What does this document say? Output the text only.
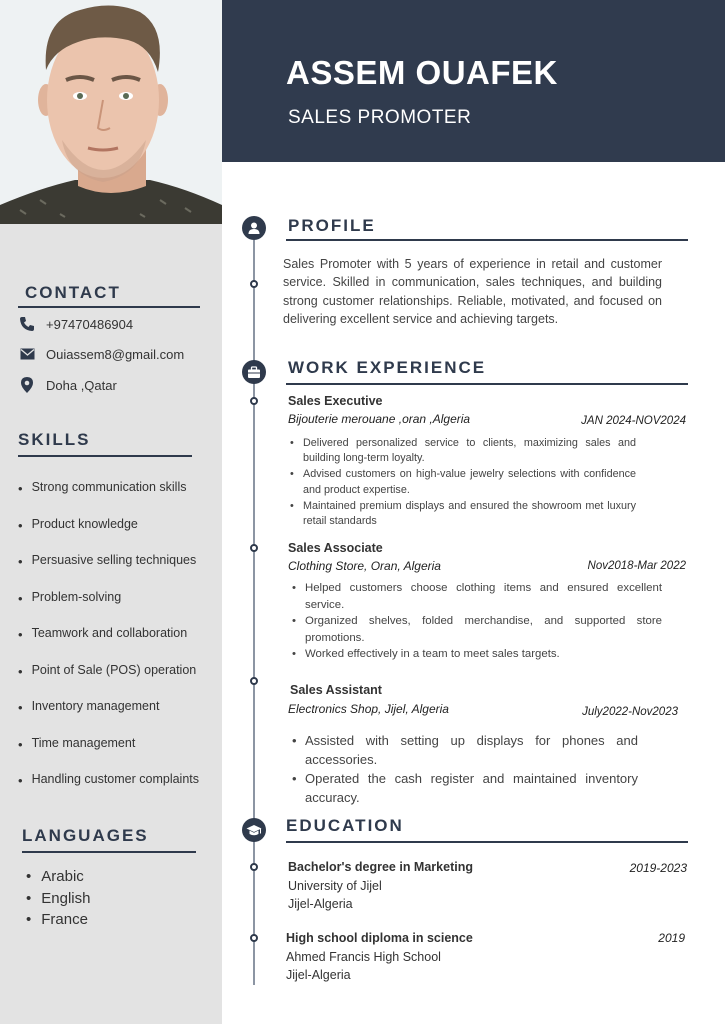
CONTACT
+97470486904
Ouiassem8@gmail.com
Doha ,Qatar
SKILLS
• Strong communication skills
• Product knowledge
• Persuasive selling techniques
• Problem-solving
• Teamwork and collaboration
• Point of Sale (POS) operation
• Inventory management
• Time management
• Handling customer complaints
LANGUAGES
• Arabic
• English
• France
ASSEM OUAFEK
SALES PROMOTER
PROFILE
Sales Promoter with 5 years of experience in retail and customer service. Skilled in communication, sales techniques, and building strong customer relationships. Reliable, motivated, and focused on delivering excellent service and achieving targets.
WORK EXPERIENCE
Sales Executive
Bijouterie merouane ,oran ,Algeria	JAN 2024-NOV2024
• Delivered personalized service to clients, maximizing sales and building long-term loyalty.
• Advised customers on high-value jewelry selections with confidence and product expertise.
• Maintained premium displays and ensured the showroom met luxury retail standards
Sales Associate
Clothing Store, Oran, Algeria	Nov2018-Mar 2022
• Helped customers choose clothing items and ensured excellent service.
• Organized shelves, folded merchandise, and supported store promotions.
• Worked effectively in a team to meet sales targets.
Sales Assistant
Electronics Shop, Jijel, Algeria	July2022-Nov2023
• Assisted with setting up displays for phones and accessories.
• Operated the cash register and maintained inventory accuracy.
EDUCATION
Bachelor's degree in Marketing	2019-2023
University of Jijel
Jijel-Algeria
High school diploma in science	2019
Ahmed Francis High School
Jijel-Algeria
